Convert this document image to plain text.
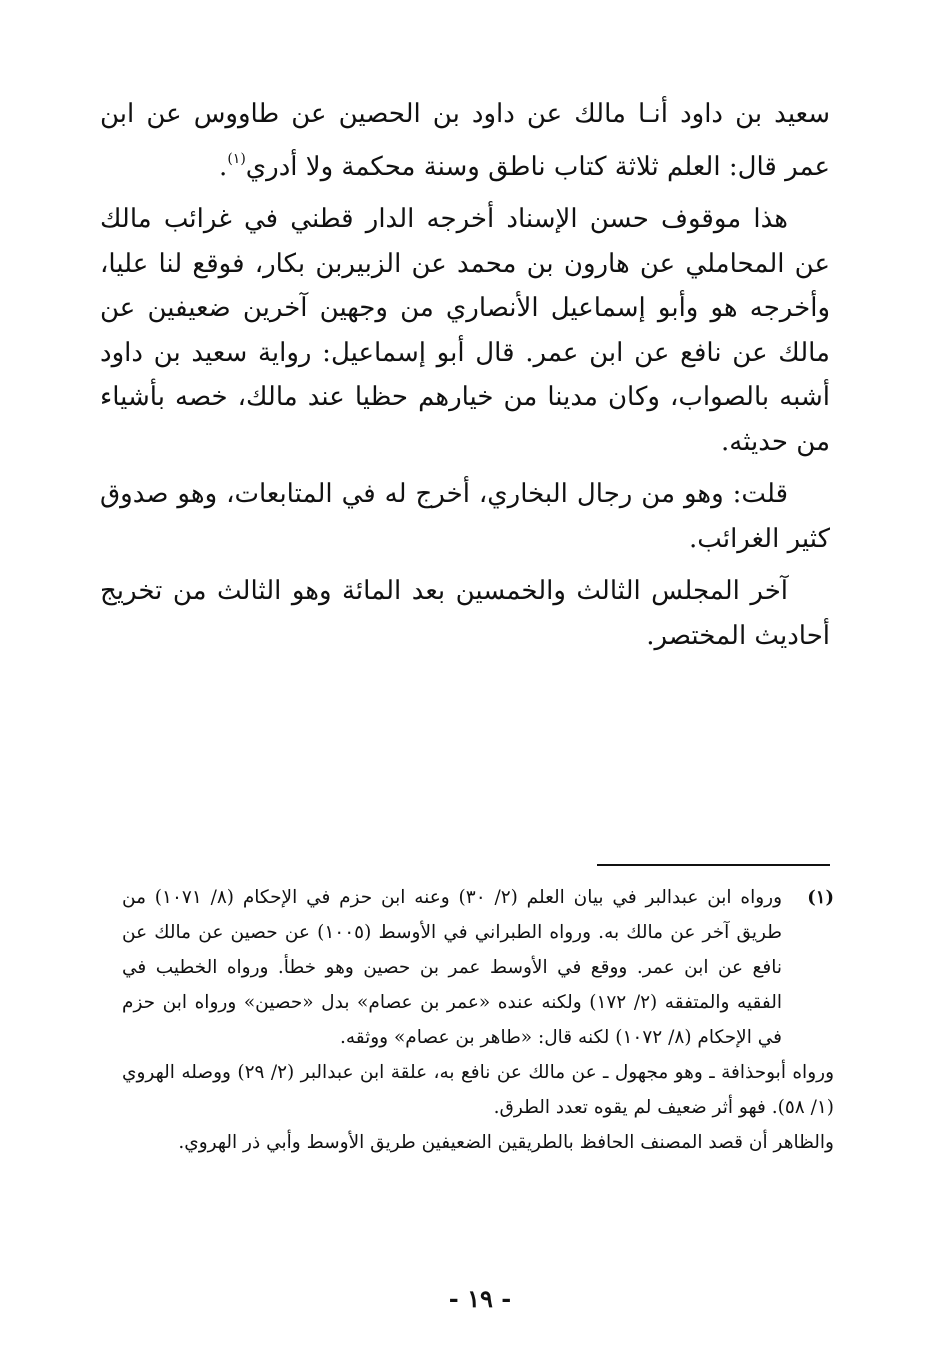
سعيد بن داود أنـا مالك عن داود بن الحصين عن طاووس عن ابن عمر قال: العلم ثلاثة كتاب ناطق وسنة محكمة ولا أدري$^{(١)}$.

هذا موقوف حسن الإسناد أخرجه الدار قطني في غرائب مالك عن المحاملي عن هارون بن محمد عن الزبيربن بكار، فوقع لنا عليا، وأخرجه هو وأبو إسماعيل الأنصاري من وجهين آخرين ضعيفين عن مالك عن نافع عن ابن عمر. قال أبو إسماعيل: رواية سعيد بن داود أشبه بالصواب، وكان مدينا من خيارهم حظيا عند مالك، خصه بأشياء من حديثه.

قلت: وهو من رجال البخاري، أخرج له في المتابعات، وهو صدوق كثير الغرائب.

آخر المجلس الثالث والخمسين بعد المائة وهو الثالث من تخريج أحاديث المختصر.

(١)

ورواه ابن عبدالبر في بيان العلم (٢/ ٣٠) وعنه ابن حزم في الإحكام (٨/ ١٠٧١) من طريق آخر عن مالك به. ورواه الطبراني في الأوسط (١٠٠٥) عن حصين عن مالك عن نافع عن ابن عمر. ووقع في الأوسط عمر بن حصين وهو خطأ. ورواه الخطيب في الفقيه والمتفقه (٢/ ١٧٢) ولكنه عنده «عمر بن عصام» بدل «حصين» ورواه ابن حزم في الإحكام (٨/ ١٠٧٢) لكنه قال: «طاهر بن عصام» ووثقه.

ورواه أبوحذافة ـ وهو مجهول ـ عن مالك عن نافع به، علقة ابن عبدالبر (٢/ ٢٩) ووصله الهروي (١/ ٥٨). فهو أثر ضعيف لم يقوه تعدد الطرق.

والظاهر أن قصد المصنف الحافظ بالطريقين الضعيفين طريق الأوسط وأبي ذر الهروي.

- ١٩ -
